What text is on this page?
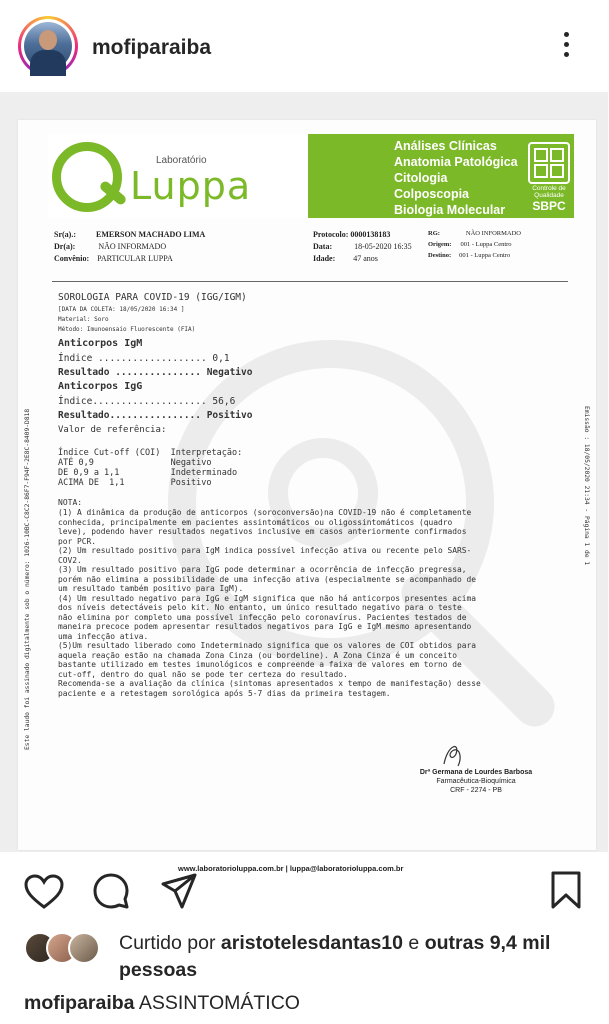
mofiparaiba
Laboratório
Luppa
Análises Clínicas
Anatomia Patológica
Citologia
Colposcopia
Biologia Molecular
Controle de Qualidade
SBPC
Sr(a).:	EMERSON MACHADO LIMA
Dr(a):	NÃO INFORMADO
Convênio: PARTICULAR LUPPA
Protocolo: 0000138183
Data:	18-05-2020 16:35
Idade: 47 anos
RG:	NÃO INFORMADO
Origem: 001 - Luppa Centro
Destino: 001 - Luppa Centro
SOROLOGIA PARA COVID-19 (IGG/IGM)
[DATA DA COLETA: 18/05/2020 16:34 ]
Material: Soro
Método: Imunoensaio Fluorescente (FIA)
Anticorpos IgM
Índice ................... 0,1
Resultado ............... Negativo
Anticorpos IgG
Índice.................... 56,6
Resultado................ Positivo
Valor de referência:
Índice Cut-off (COI)  Interpretação:
ATÉ 0,9               Negativo
DE 0,9 a 1,1          Indeterminado
ACIMA DE  1,1         Positivo
NOTA:
(1) A dinâmica da produção de anticorpos (soroconversão)na COVID-19 não é completamente
conhecida, principalmente em pacientes assintomáticos ou oligossintomáticos (quadro
leve), podendo haver resultados negativos inclusive em casos anteriormente confirmados
por PCR.
(2) Um resultado positivo para IgM indica possível infecção ativa ou recente pelo SARS-
COV2.
(3) Um resultado positivo para IgG pode determinar a ocorrência de infecção pregressa,
porém não elimina a possibilidade de uma infecção ativa (especialmente se acompanhado de
um resultado também positivo para IgM).
(4) Um resultado negativo para IgG e IgM significa que não há anticorpos presentes acima
dos níveis detectáveis pelo kit. No entanto, um único resultado negativo para o teste
não elimina por completo uma possível infecção pelo coronavírus. Pacientes testados de
maneira precoce podem apresentar resultados negativos para IgG e IgM mesmo apresentando
uma infecção ativa.
(5)Um resultado liberado como Indeterminado significa que os valores de COI obtidos para
aquela reação estão na chamada Zona Cinza (ou bordeline). A Zona Cinza é um conceito
bastante utilizado em testes imunológicos e compreende a faixa de valores em torno de
cut-off, dentro do qual não se pode ter certeza do resultado.
Recomenda-se a avaliação da clínica (sintomas apresentados x tempo de manifestação) desse
paciente e a retestagem sorológica após 5-7 dias da primeira testagem.
Este laudo foi assinado digitalmente sob o número: 1026-10BC-C8C2-86F7-F94F-2E8C-8409-D818	Emissão : 18/05/2020 21:34 - Página 1 de 1
Drª Germana de Lourdes Barbosa
Farmacêutica-Bioquímica
CRF - 2274 - PB
www.laboratorioluppa.com.br | luppa@laboratorioluppa.com.br
Curtido por aristotelesdantas10 e outras 9,4 mil pessoas
mofiparaiba ASSINTOMÁTICO
